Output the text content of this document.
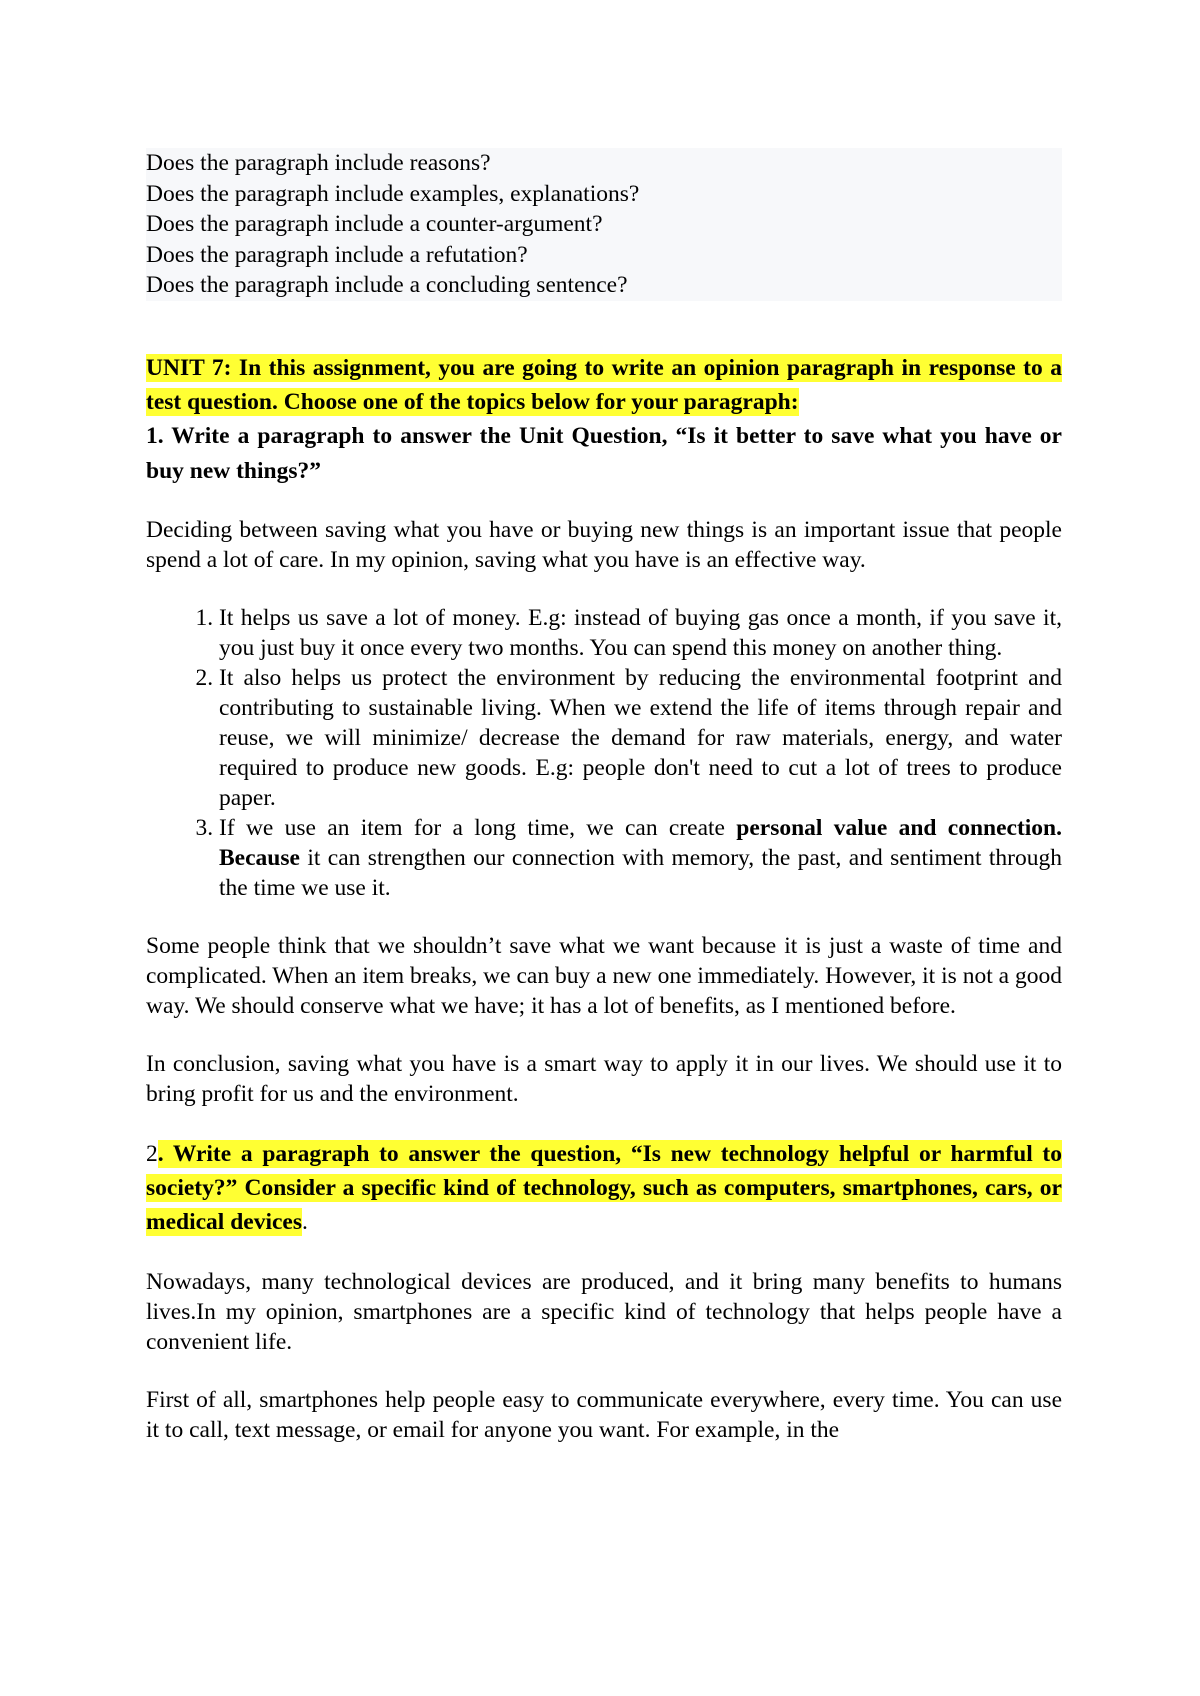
Does the paragraph include reasons?
Does the paragraph include examples, explanations?
Does the paragraph include a counter-argument?
Does the paragraph include a refutation?
Does the paragraph include a concluding sentence?

UNIT 7: In this assignment, you are going to write an opinion paragraph in response to a test question. Choose one of the topics below for your paragraph:

1. Write a paragraph to answer the Unit Question, “Is it better to save what you have or buy new things?”

Deciding between saving what you have or buying new things is an important issue that people spend a lot of care. In my opinion, saving what you have is an effective way.

1. It helps us save a lot of money. E.g: instead of buying gas once a month, if you save it, you just buy it once every two months. You can spend this money on another thing.
2. It also helps us protect the environment by reducing the environmental footprint and contributing to sustainable living. When we extend the life of items through repair and reuse, we will minimize/ decrease the demand for raw materials, energy, and water required to produce new goods. E.g: people don't need to cut a lot of trees to produce paper.
3. If we use an item for a long time, we can create personal value and connection. Because it can strengthen our connection with memory, the past, and sentiment through the time we use it.

Some people think that we shouldn’t save what we want because it is just a waste of time and complicated. When an item breaks, we can buy a new one immediately. However, it is not a good way. We should conserve what we have; it has a lot of benefits, as I mentioned before.

In conclusion, saving what you have is a smart way to apply it in our lives. We should use it to bring profit for us and the environment.

2. Write a paragraph to answer the question, “Is new technology helpful or harmful to society?” Consider a specific kind of technology, such as computers, smartphones, cars, or medical devices.

Nowadays, many technological devices are produced, and it bring many benefits to humans lives.In my opinion, smartphones are a specific kind of technology that helps people have a convenient life.

First of all, smartphones help people easy to communicate everywhere, every time. You can use it to call, text message, or email for anyone you want. For example, in the
